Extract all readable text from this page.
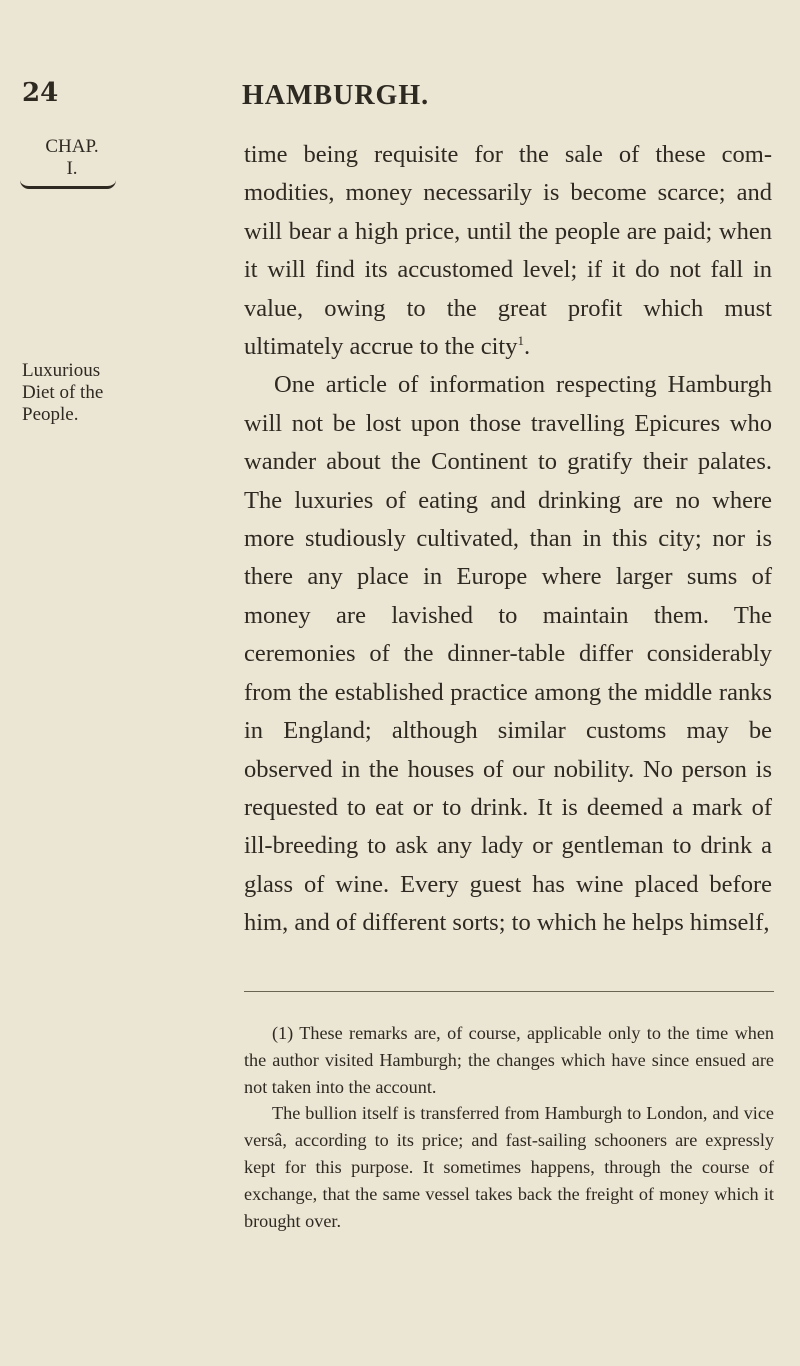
24	HAMBURGH.
CHAP.
I.
Luxurious
Diet of the
People.

time being requisite for the sale of these com-modities, money necessarily is become scarce; and will bear a high price, until the people are paid; when it will find its accustomed level; if it do not fall in value, owing to the great profit which must ultimately accrue to the city$^1$.

One article of information respecting Hamburgh will not be lost upon those travelling Epicures who wander about the Continent to gratify their palates. The luxuries of eating and drinking are no where more studiously cultivated, than in this city; nor is there any place in Europe where larger sums of money are lavished to maintain them. The ceremonies of the dinner-table differ considerably from the established practice among the middle ranks in England; although similar customs may be observed in the houses of our nobility. No person is requested to eat or to drink. It is deemed a mark of ill-breeding to ask any lady or gentleman to drink a glass of wine. Every guest has wine placed before him, and of different sorts; to which he helps himself,

(1) These remarks are, of course, applicable only to the time when the author visited Hamburgh; the changes which have since ensued are not taken into the account.

The bullion itself is transferred from Hamburgh to London, and vice versâ, according to its price; and fast-sailing schooners are expressly kept for this purpose. It sometimes happens, through the course of exchange, that the same vessel takes back the freight of money which it brought over.
